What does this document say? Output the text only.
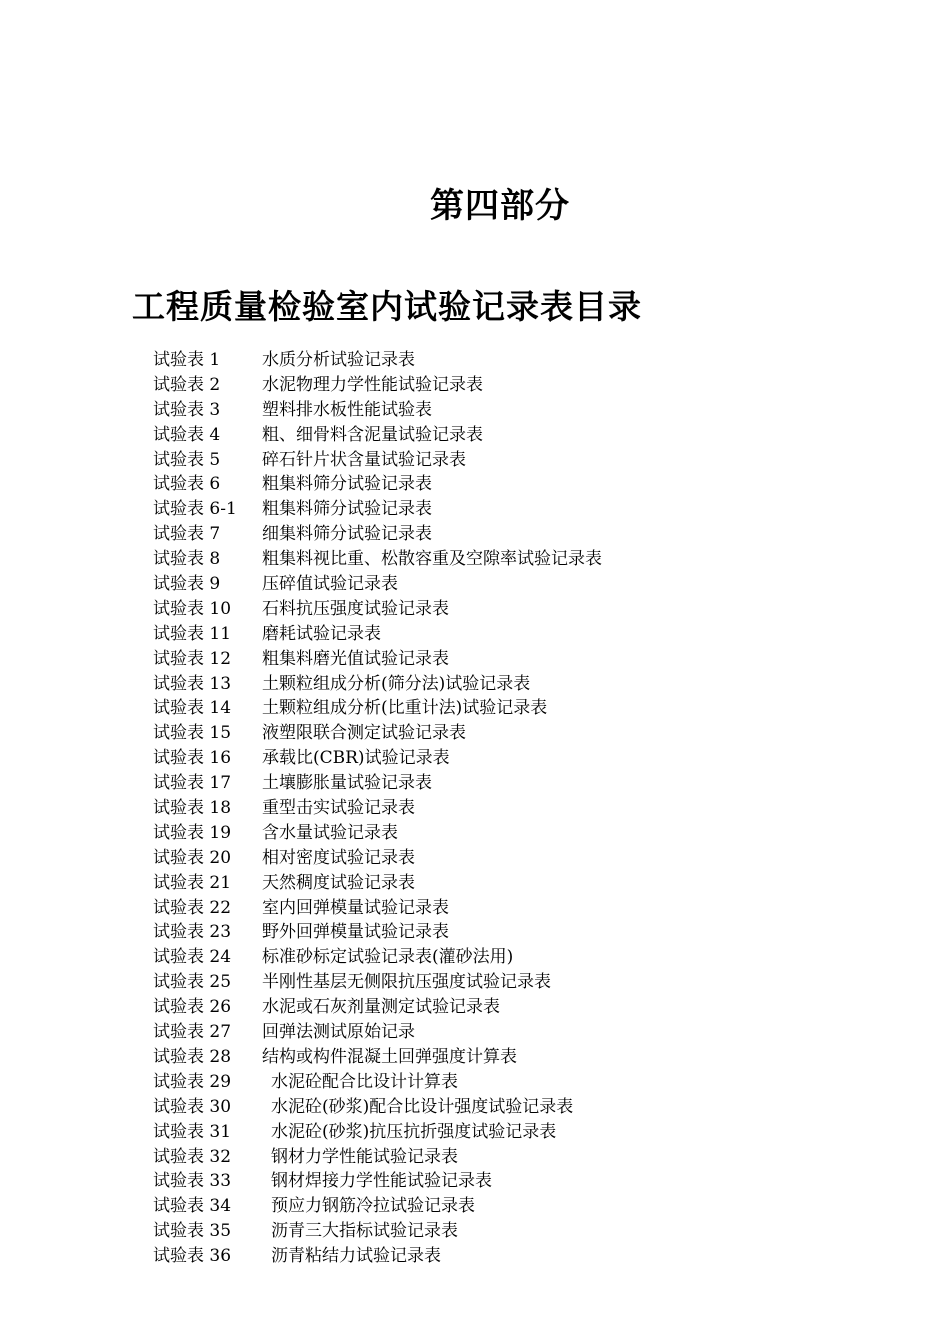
第四部分
工程质量检验室内试验记录表目录
试验表 1	水质分析试验记录表
试验表 2	水泥物理力学性能试验记录表
试验表 3	塑料排水板性能试验表
试验表 4	粗、细骨料含泥量试验记录表
试验表 5	碎石针片状含量试验记录表
试验表 6	粗集料筛分试验记录表
试验表 6-1	粗集料筛分试验记录表
试验表 7	细集料筛分试验记录表
试验表 8	粗集料视比重、松散容重及空隙率试验记录表
试验表 9	压碎值试验记录表
试验表 10	石料抗压强度试验记录表
试验表 11	磨耗试验记录表
试验表 12	粗集料磨光值试验记录表
试验表 13	土颗粒组成分析(筛分法)试验记录表
试验表 14	土颗粒组成分析(比重计法)试验记录表
试验表 15	液塑限联合测定试验记录表
试验表 16	承载比(CBR)试验记录表
试验表 17	土壤膨胀量试验记录表
试验表 18	重型击实试验记录表
试验表 19	含水量试验记录表
试验表 20	相对密度试验记录表
试验表 21	天然稠度试验记录表
试验表 22	室内回弹模量试验记录表
试验表 23	野外回弹模量试验记录表
试验表 24	标准砂标定试验记录表(灌砂法用)
试验表 25	半刚性基层无侧限抗压强度试验记录表
试验表 26	水泥或石灰剂量测定试验记录表
试验表 27	回弹法测试原始记录
试验表 28	结构或构件混凝土回弹强度计算表
试验表 29	水泥砼配合比设计计算表
试验表 30	水泥砼(砂浆)配合比设计强度试验记录表
试验表 31	水泥砼(砂浆)抗压抗折强度试验记录表
试验表 32	钢材力学性能试验记录表
试验表 33	钢材焊接力学性能试验记录表
试验表 34	预应力钢筋冷拉试验记录表
试验表 35	沥青三大指标试验记录表
试验表 36	沥青粘结力试验记录表
